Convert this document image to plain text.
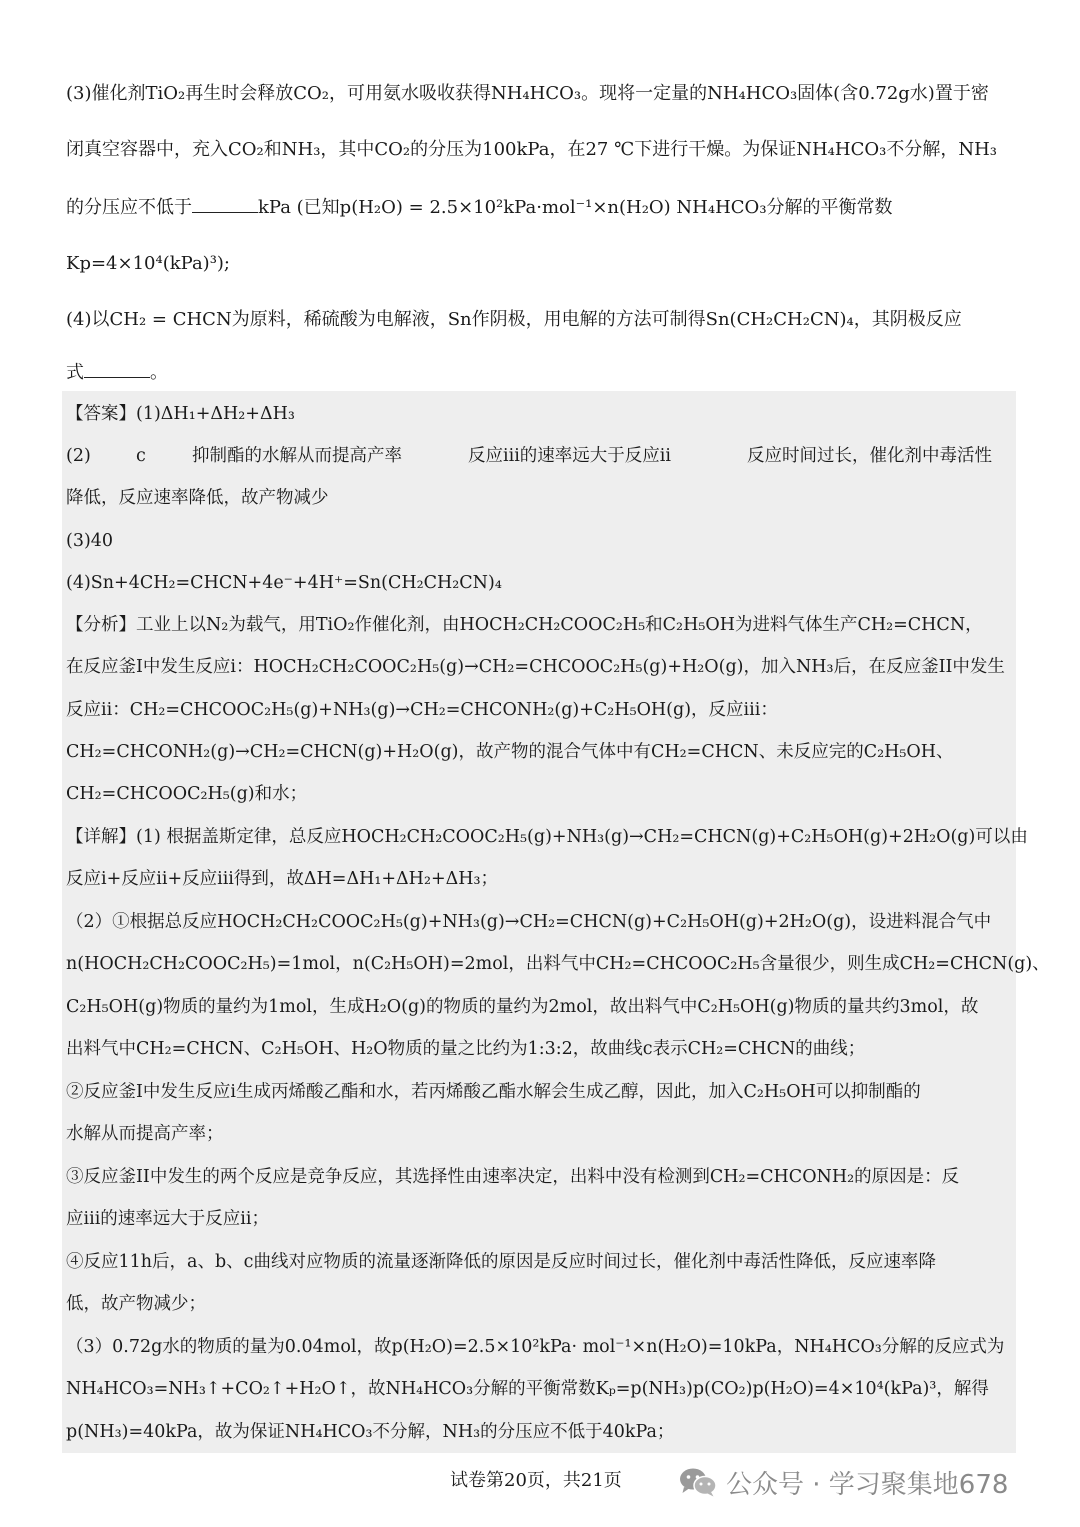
(3)催化剂TiO₂再生时会释放CO₂，可用氨水吸收获得NH₄HCO₃。现将一定量的NH₄HCO₃固体(含0.72g水)置于密
闭真空容器中，充入CO₂和NH₃，其中CO₂的分压为100kPa，在27 ℃下进行干燥。为保证NH₄HCO₃不分解，NH₃
的分压应不低于	kPa (已知p(H₂O) = 2.5×10²kPa·mol⁻¹×n(H₂O) NH₄HCO₃分解的平衡常数
Kp=4×10⁴(kPa)³);
(4)以CH₂ = CHCN为原料，稀硫酸为电解液，Sn作阴极，用电解的方法可制得Sn(CH₂CH₂CN)₄，其阴极反应
式	。
【答案】(1)ΔH₁+ΔH₂+ΔH₃
(2)	c	抑制酯的水解从而提高产率	反应iii的速率远大于反应ii	反应时间过长，催化剂中毒活性
降低，反应速率降低，故产物减少
(3)40
(4)Sn+4CH₂=CHCN+4e⁻+4H⁺=Sn(CH₂CH₂CN)₄
【分析】工业上以N₂为载气，用TiO₂作催化剂，由HOCH₂CH₂COOC₂H₅和C₂H₅OH为进料气体生产CH₂=CHCN，
在反应釜I中发生反应i：HOCH₂CH₂COOC₂H₅(g)→CH₂=CHCOOC₂H₅(g)+H₂O(g)，加入NH₃后，在反应釜II中发生
反应ii：CH₂=CHCOOC₂H₅(g)+NH₃(g)→CH₂=CHCONH₂(g)+C₂H₅OH(g)，反应iii：
CH₂=CHCONH₂(g)→CH₂=CHCN(g)+H₂O(g)，故产物的混合气体中有CH₂=CHCN、未反应完的C₂H₅OH、
CH₂=CHCOOC₂H₅(g)和水；
【详解】(1) 根据盖斯定律，总反应HOCH₂CH₂COOC₂H₅(g)+NH₃(g)→CH₂=CHCN(g)+C₂H₅OH(g)+2H₂O(g)可以由
反应i+反应ii+反应iii得到，故ΔH=ΔH₁+ΔH₂+ΔH₃；
（2）①根据总反应HOCH₂CH₂COOC₂H₅(g)+NH₃(g)→CH₂=CHCN(g)+C₂H₅OH(g)+2H₂O(g)，设进料混合气中
n(HOCH₂CH₂COOC₂H₅)=1mol，n(C₂H₅OH)=2mol，出料气中CH₂=CHCOOC₂H₅含量很少，则生成CH₂=CHCN(g)、
C₂H₅OH(g)物质的量约为1mol，生成H₂O(g)的物质的量约为2mol，故出料气中C₂H₅OH(g)物质的量共约3mol，故
出料气中CH₂=CHCN、C₂H₅OH、H₂O物质的量之比约为1:3:2，故曲线c表示CH₂=CHCN的曲线；
②反应釜I中发生反应i生成丙烯酸乙酯和水，若丙烯酸乙酯水解会生成乙醇，因此，加入C₂H₅OH可以抑制酯的
水解从而提高产率；
③反应釜II中发生的两个反应是竞争反应，其选择性由速率决定，出料中没有检测到CH₂=CHCONH₂的原因是：反
应iii的速率远大于反应ii；
④反应11h后，a、b、c曲线对应物质的流量逐渐降低的原因是反应时间过长，催化剂中毒活性降低，反应速率降
低，故产物减少；
（3）0.72g水的物质的量为0.04mol，故p(H₂O)=2.5×10²kPa· mol⁻¹×n(H₂O)=10kPa，NH₄HCO₃分解的反应式为
NH₄HCO₃=NH₃↑+CO₂↑+H₂O↑，故NH₄HCO₃分解的平衡常数Kₚ=p(NH₃)p(CO₂)p(H₂O)=4×10⁴(kPa)³，解得
p(NH₃)=40kPa，故为保证NH₄HCO₃不分解，NH₃的分压应不低于40kPa；
试卷第20页，共21页	公众号 · 学习聚集地678
